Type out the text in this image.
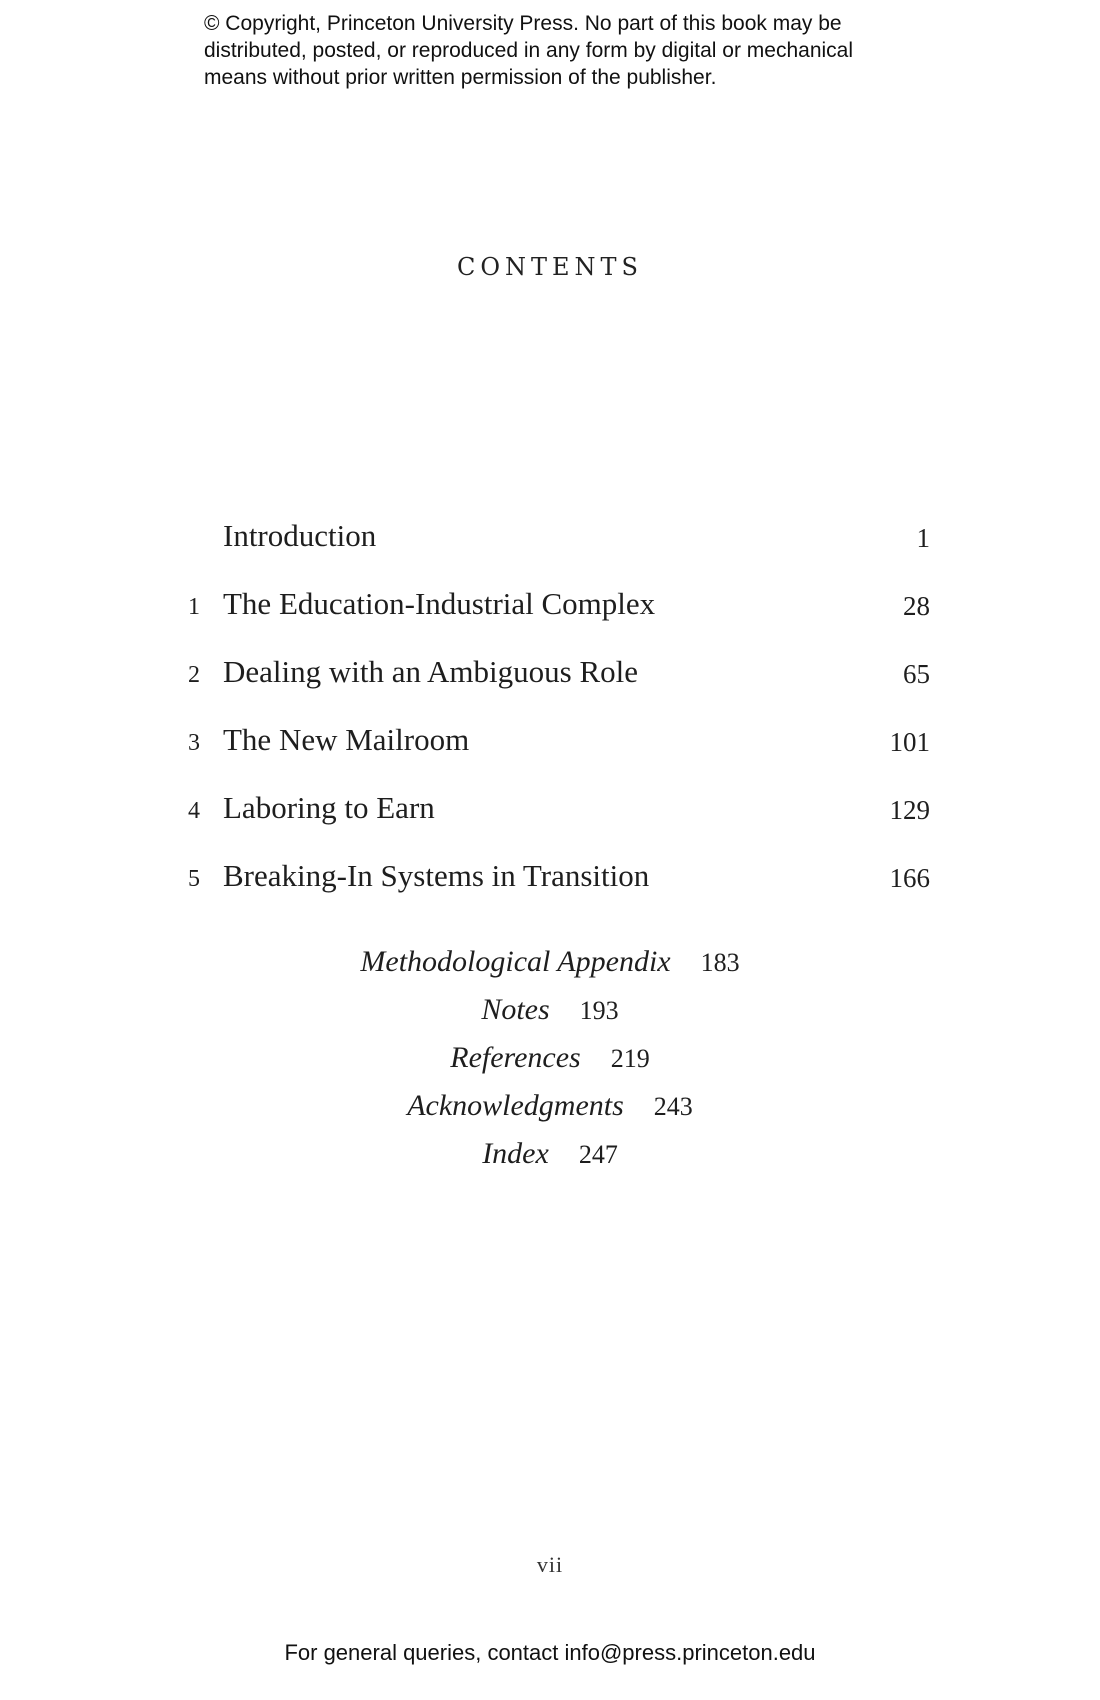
© Copyright, Princeton University Press. No part of this book may be
distributed, posted, or reproduced in any form by digital or mechanical
means without prior written permission of the publisher.
CONTENTS
Introduction	1
1 The Education-Industrial Complex	28
2 Dealing with an Ambiguous Role	65
3 The New Mailroom	101
4 Laboring to Earn	129
5 Breaking-In Systems in Transition	166
Methodological Appendix 183
Notes 193
References 219
Acknowledgments 243
Index 247
vii
For general queries, contact info@press.princeton.edu
